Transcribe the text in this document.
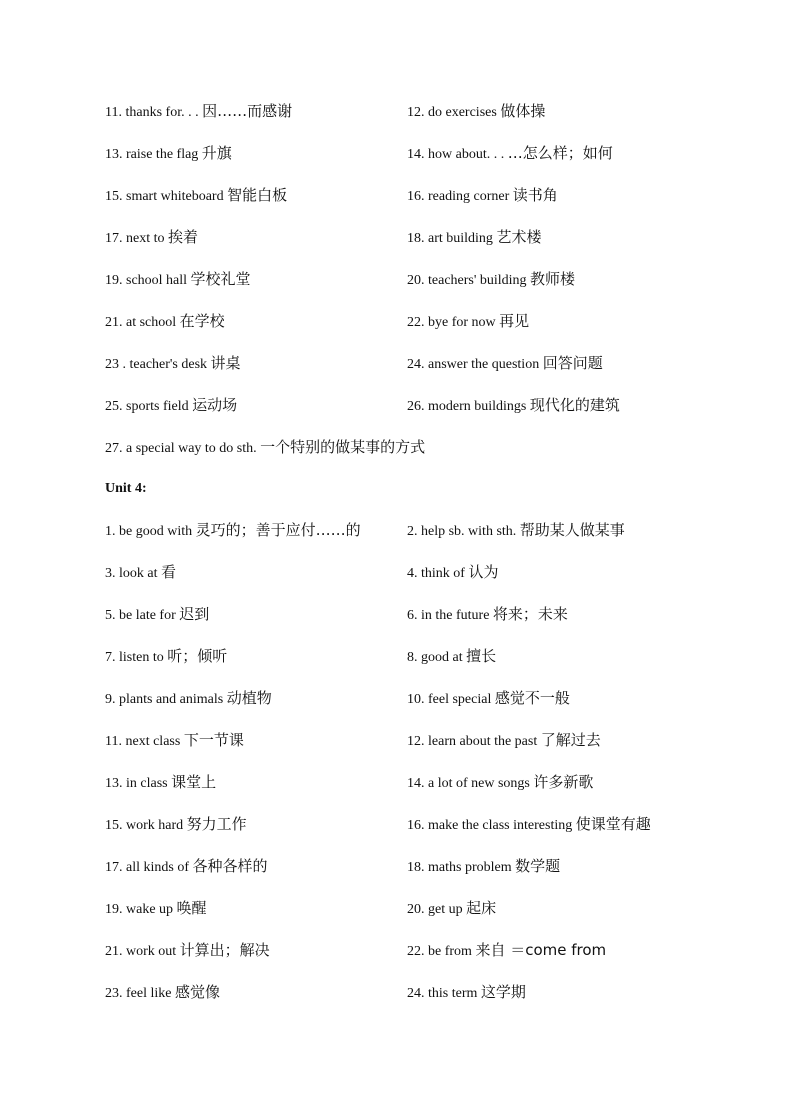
11. thanks for. . . 因……而感谢	12. do exercises 做体操
13. raise the flag 升旗	14. how about. . . …怎么样；如何
15. smart whiteboard 智能白板	16. reading corner 读书角
17. next to 挨着	18. art building 艺术楼
19. school hall 学校礼堂	20. teachers' building 教师楼
21. at school 在学校	22. bye for now 再见
23 . teacher's desk 讲桌	24. answer the question 回答问题
25. sports field 运动场	26. modern buildings 现代化的建筑
27. a special way to do sth. 一个特别的做某事的方式
Unit 4:
1. be good with 灵巧的；善于应付……的	2. help sb. with sth. 帮助某人做某事
3. look at 看	4. think of 认为
5. be late for 迟到	6. in the future 将来；未来
7. listen to 听；倾听	8. good at 擅长
9. plants and animals 动植物	10. feel special 感觉不一般
11. next class 下一节课	12. learn about the past 了解过去
13. in class 课堂上	14. a lot of new songs 许多新歌
15. work hard 努力工作	16. make the class interesting 使课堂有趣
17. all kinds of 各种各样的	18. maths problem 数学题
19. wake up 唤醒	20. get up 起床
21. work out 计算出；解决	22. be from 来自 ＝come from
23. feel like 感觉像	24. this term 这学期
